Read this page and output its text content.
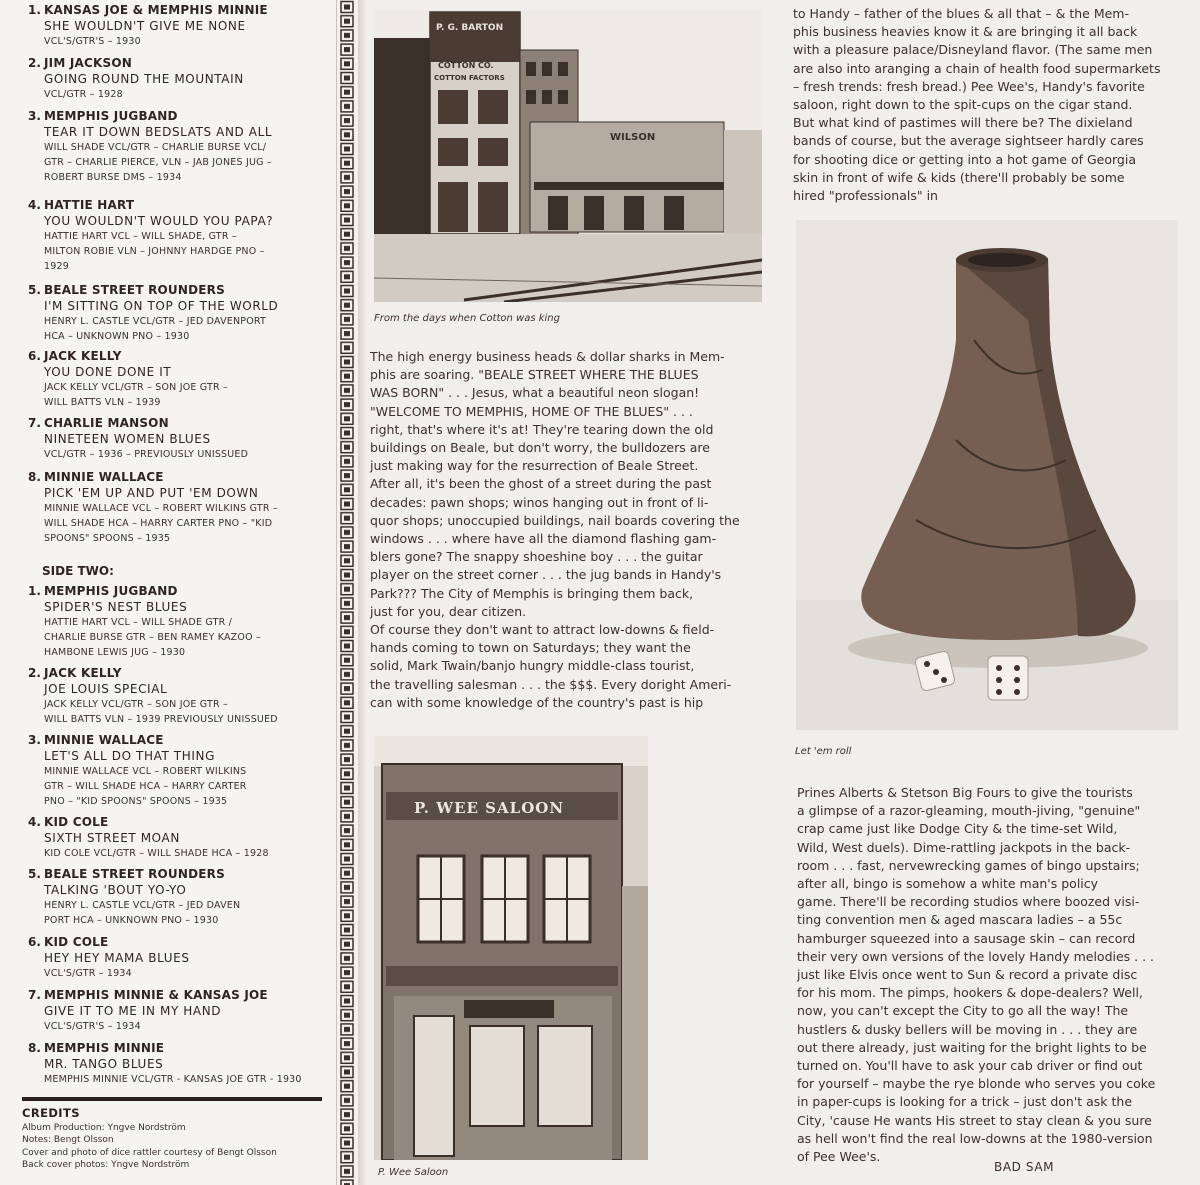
1. KANSAS JOE & MEMPHIS MINNIE
SHE WOULDN'T GIVE ME NONE
VCL'S/GTR'S – 1930
2. JIM JACKSON
GOING ROUND THE MOUNTAIN
VCL/GTR – 1928
3. MEMPHIS JUGBAND
TEAR IT DOWN BEDSLATS AND ALL
WILL SHADE VCL/GTR – CHARLIE BURSE VCL/
GTR – CHARLIE PIERCE, VLN – JAB JONES JUG –
ROBERT BURSE DMS – 1934
4. HATTIE HART
YOU WOULDN'T WOULD YOU PAPA?
HATTIE HART VCL – WILL SHADE, GTR –
MILTON ROBIE VLN – JOHNNY HARDGE PNO –
1929
5. BEALE STREET ROUNDERS
I'M SITTING ON TOP OF THE WORLD
HENRY L. CASTLE VCL/GTR – JED DAVENPORT
HCA – UNKNOWN PNO – 1930
6. JACK KELLY
YOU DONE DONE IT
JACK KELLY VCL/GTR – SON JOE GTR –
WILL BATTS VLN – 1939
7. CHARLIE MANSON
NINETEEN WOMEN BLUES
VCL/GTR – 1936 – PREVIOUSLY UNISSUED
8. MINNIE WALLACE
PICK 'EM UP AND PUT 'EM DOWN
MINNIE WALLACE VCL – ROBERT WILKINS GTR –
WILL SHADE HCA – HARRY CARTER PNO – "KID
SPOONS" SPOONS – 1935
1. MEMPHIS JUGBAND
SPIDER'S NEST BLUES
HATTIE HART VCL – WILL SHADE GTR /
CHARLIE BURSE GTR – BEN RAMEY KAZOO –
HAMBONE LEWIS JUG – 1930
2. JACK KELLY
JOE LOUIS SPECIAL
JACK KELLY VCL/GTR – SON JOE GTR –
WILL BATTS VLN – 1939 PREVIOUSLY UNISSUED
3. MINNIE WALLACE
LET'S ALL DO THAT THING
MINNIE WALLACE VCL – ROBERT WILKINS
GTR – WILL SHADE HCA – HARRY CARTER
PNO – "KID SPOONS" SPOONS – 1935
4. KID COLE
SIXTH STREET MOAN
KID COLE VCL/GTR – WILL SHADE HCA – 1928
5. BEALE STREET ROUNDERS
TALKING 'BOUT YO-YO
HENRY L. CASTLE VCL/GTR – JED DAVEN
PORT HCA – UNKNOWN PNO – 1930
6. KID COLE
HEY HEY MAMA BLUES
VCL'S/GTR – 1934
7. MEMPHIS MINNIE & KANSAS JOE
GIVE IT TO ME IN MY HAND
VCL'S/GTR'S – 1934
8. MEMPHIS MINNIE
MR. TANGO BLUES
MEMPHIS MINNIE VCL/GTR - KANSAS JOE GTR - 1930
SIDE TWO:
CREDITS
Album Production: Yngve Nordström
Notes: Bengt Olsson
Cover and photo of dice rattler courtesy of Bengt Olsson
Back cover photos: Yngve Nordström
P. G. BARTON
COTTON CO.
COTTON FACTORS
WILSON
From the days when Cotton was king

The high energy business heads & dollar sharks in Mem-

phis are soaring. "BEALE STREET WHERE THE BLUES

WAS BORN" . . . Jesus, what a beautiful neon slogan!

"WELCOME TO MEMPHIS, HOME OF THE BLUES" . . .

right, that's where it's at! They're tearing down the old

buildings on Beale, but don't worry, the bulldozers are

just making way for the resurrection of Beale Street.

After all, it's been the ghost of a street during the past

decades: pawn shops; winos hanging out in front of li-

quor shops; unoccupied buildings, nail boards covering the

windows . . . where have all the diamond flashing gam-

blers gone? The snappy shoeshine boy . . . the guitar

player on the street corner . . . the jug bands in Handy's

Park??? The City of Memphis is bringing them back,

just for you, dear citizen.

Of course they don't want to attract low-downs & field-

hands coming to town on Saturdays; they want the

solid, Mark Twain/banjo hungry middle-class tourist,

the travelling salesman . . . the $$$. Every doright Ameri-

can with some knowledge of the country's past is hip

P. WEE SALOON
P. Wee Saloon

to Handy – father of the blues & all that – & the Mem-

phis business heavies know it & are bringing it all back

with a pleasure palace/Disneyland flavor. (The same men

are also into aranging a chain of health food supermarkets

– fresh trends: fresh bread.) Pee Wee's, Handy's favorite

saloon, right down to the spit-cups on the cigar stand.

But what kind of pastimes will there be? The dixieland

bands of course, but the average sightseer hardly cares

for shooting dice or getting into a hot game of Georgia

skin in front of wife & kids (there'll probably be some

hired "professionals" in

Let 'em roll

Prines Alberts & Stetson Big Fours to give the tourists

a glimpse of a razor-gleaming, mouth-jiving, "genuine"

crap came just like Dodge City & the time-set Wild,

Wild, West duels). Dime-rattling jackpots in the back-

room . . . fast, nervewrecking games of bingo upstairs;

after all, bingo is somehow a white man's policy

game. There'll be recording studios where boozed visi-

ting convention men & aged mascara ladies – a 55c

hamburger squeezed into a sausage skin – can record

their very own versions of the lovely Handy melodies . . .

just like Elvis once went to Sun & record a private disc

for his mom. The pimps, hookers & dope-dealers? Well,

now, you can't except the City to go all the way! The

hustlers & dusky bellers will be moving in . . . they are

out there already, just waiting for the bright lights to be

turned on. You'll have to ask your cab driver or find out

for yourself – maybe the rye blonde who serves you coke

in paper-cups is looking for a trick – just don't ask the

City, 'cause He wants His street to stay clean & you sure

as hell won't find the real low-downs at the 1980-version

of Pee Wee's.

BAD SAM
